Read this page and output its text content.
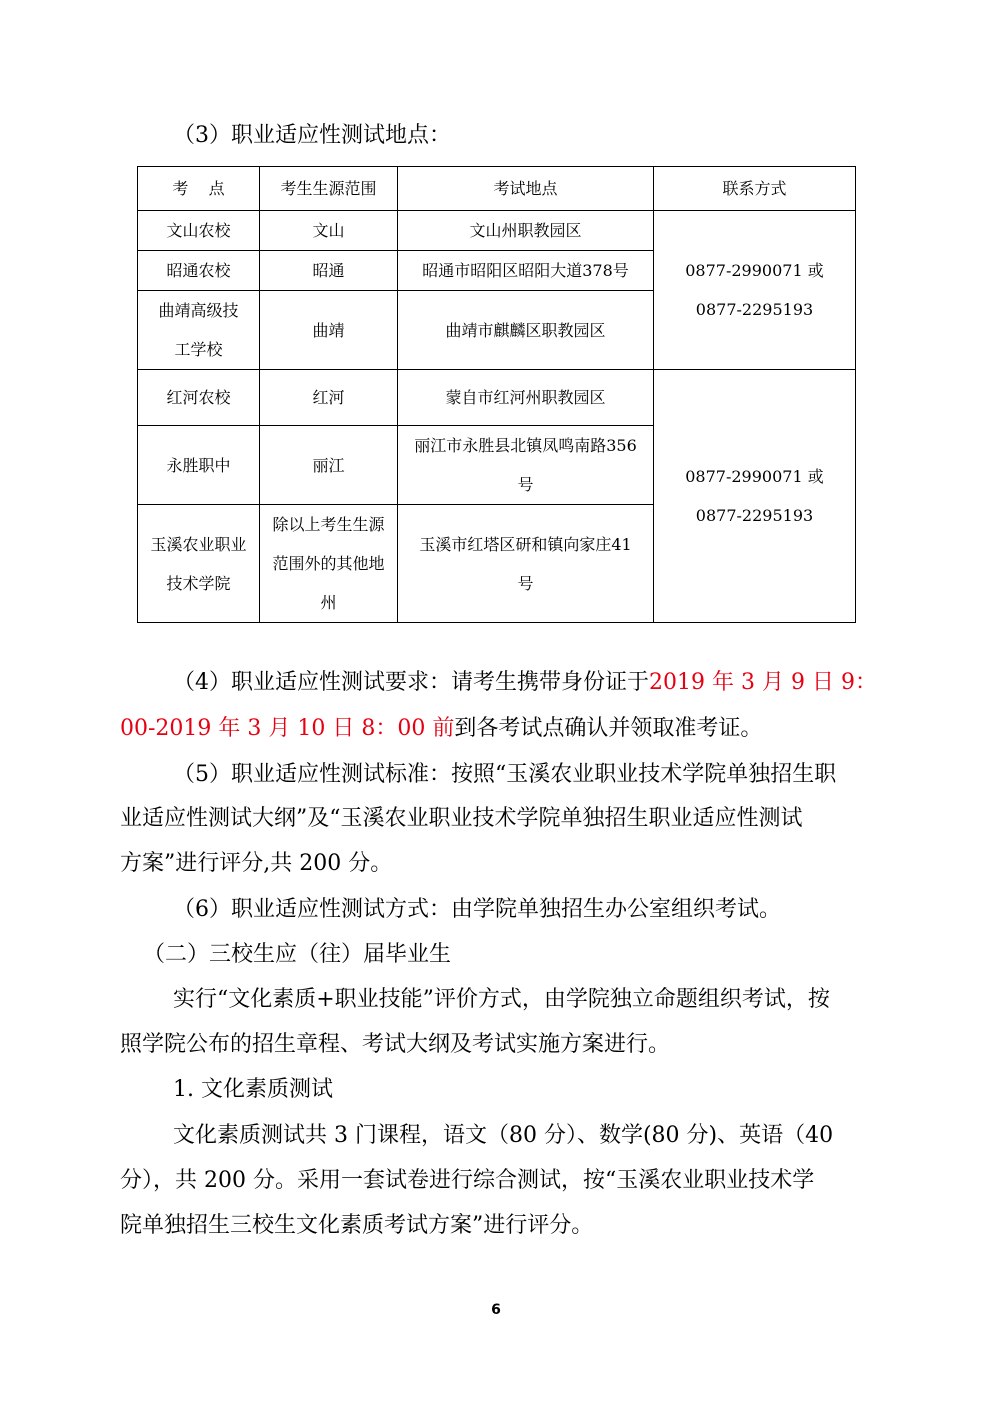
（3）职业适应性测试地点：
考    点	考生生源范围	考试地点	联系方式
文山农校	文山	文山州职教园区	0877-2990071 或
0877-2295193

昭通农校	昭通	昭通市昭阳区昭阳大道378号	
曲靖高级技工学校	曲靖	曲靖市麒麟区职教园区	
红河农校	红河	蒙自市红河州职教园区	0877-2990071 或
0877-2295193

永胜职中	丽江	丽江市永胜县北镇凤鸣南路356号	
玉溪农业职业技术学院	除以上考生生源范围外的其他地州	玉溪市红塔区研和镇向家庄41号	
（4）职业适应性测试要求：请考生携带身份证于2019 年 3 月 9 日 9：
00-2019 年 3 月 10 日 8：00 前到各考试点确认并领取准考证。
（5）职业适应性测试标准：按照“玉溪农业职业技术学院单独招生职
业适应性测试大纲”及“玉溪农业职业技术学院单独招生职业适应性测试
方案”进行评分,共 200 分。
（6）职业适应性测试方式：由学院单独招生办公室组织考试。
（二）三校生应（往）届毕业生
实行“文化素质+职业技能”评价方式，由学院独立命题组织考试，按
照学院公布的招生章程、考试大纲及考试实施方案进行。
1. 文化素质测试
文化素质测试共 3 门课程，语文（80 分）、数学(80 分)、英语（40
分），共 200 分。采用一套试卷进行综合测试，按“玉溪农业职业技术学
院单独招生三校生文化素质考试方案”进行评分。
6
